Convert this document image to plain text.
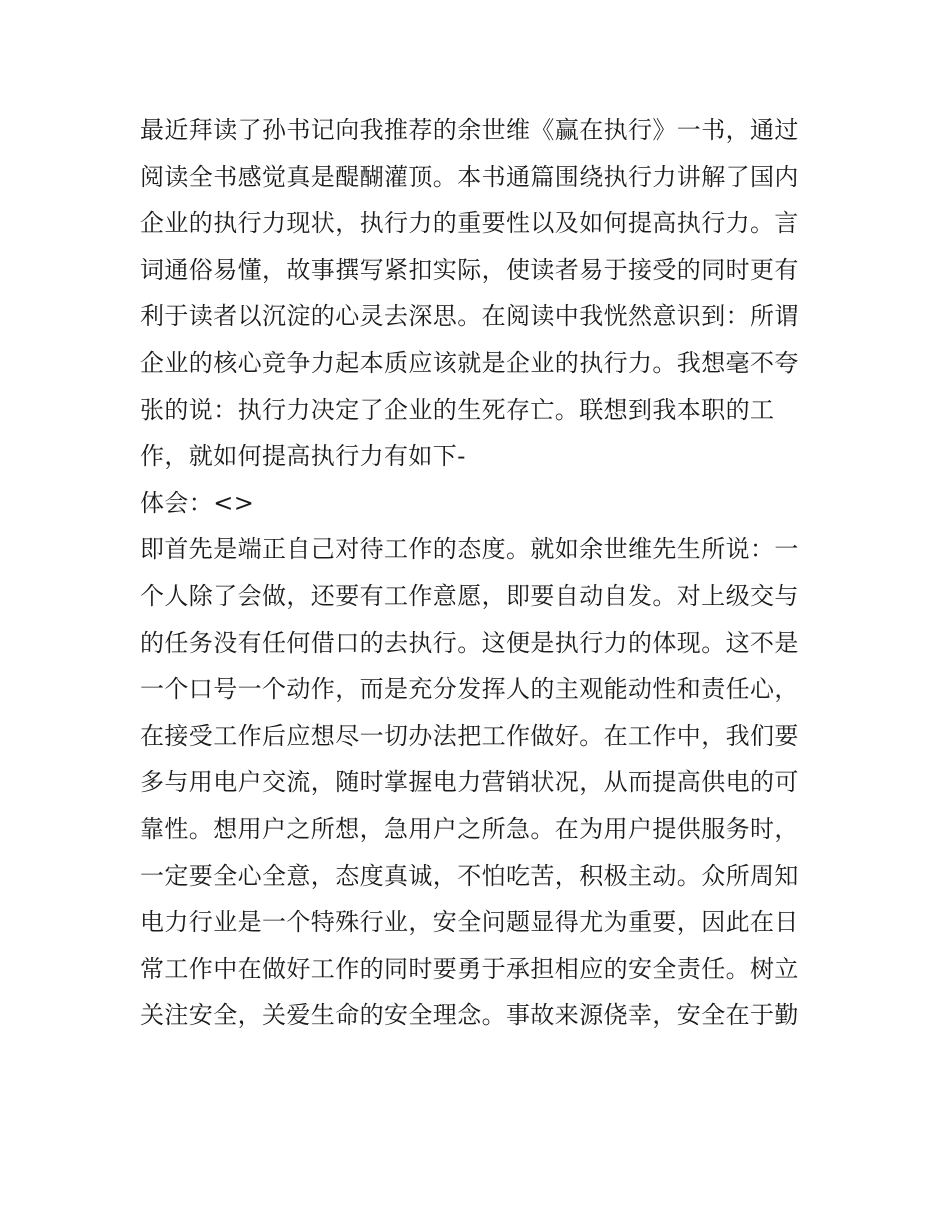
最近拜读了孙书记向我推荐的余世维《赢在执行》一书，通过
阅读全书感觉真是醍醐灌顶。本书通篇围绕执行力讲解了国内
企业的执行力现状，执行力的重要性以及如何提高执行力。言
词通俗易懂，故事撰写紧扣实际，使读者易于接受的同时更有
利于读者以沉淀的心灵去深思。在阅读中我恍然意识到：所谓
企业的核心竞争力起本质应该就是企业的执行力。我想毫不夸
张的说：执行力决定了企业的生死存亡。联想到我本职的工
作，就如何提高执行力有如下-
体会：<>
即首先是端正自己对待工作的态度。就如余世维先生所说：一
个人除了会做，还要有工作意愿，即要自动自发。对上级交与
的任务没有任何借口的去执行。这便是执行力的体现。这不是
一个口号一个动作，而是充分发挥人的主观能动性和责任心，
在接受工作后应想尽一切办法把工作做好。在工作中，我们要
多与用电户交流，随时掌握电力营销状况，从而提高供电的可
靠性。想用户之所想，急用户之所急。在为用户提供服务时，
一定要全心全意，态度真诚，不怕吃苦，积极主动。众所周知
电力行业是一个特殊行业，安全问题显得尤为重要，因此在日
常工作中在做好工作的同时要勇于承担相应的安全责任。树立
关注安全，关爱生命的安全理念。事故来源侥幸，安全在于勤
